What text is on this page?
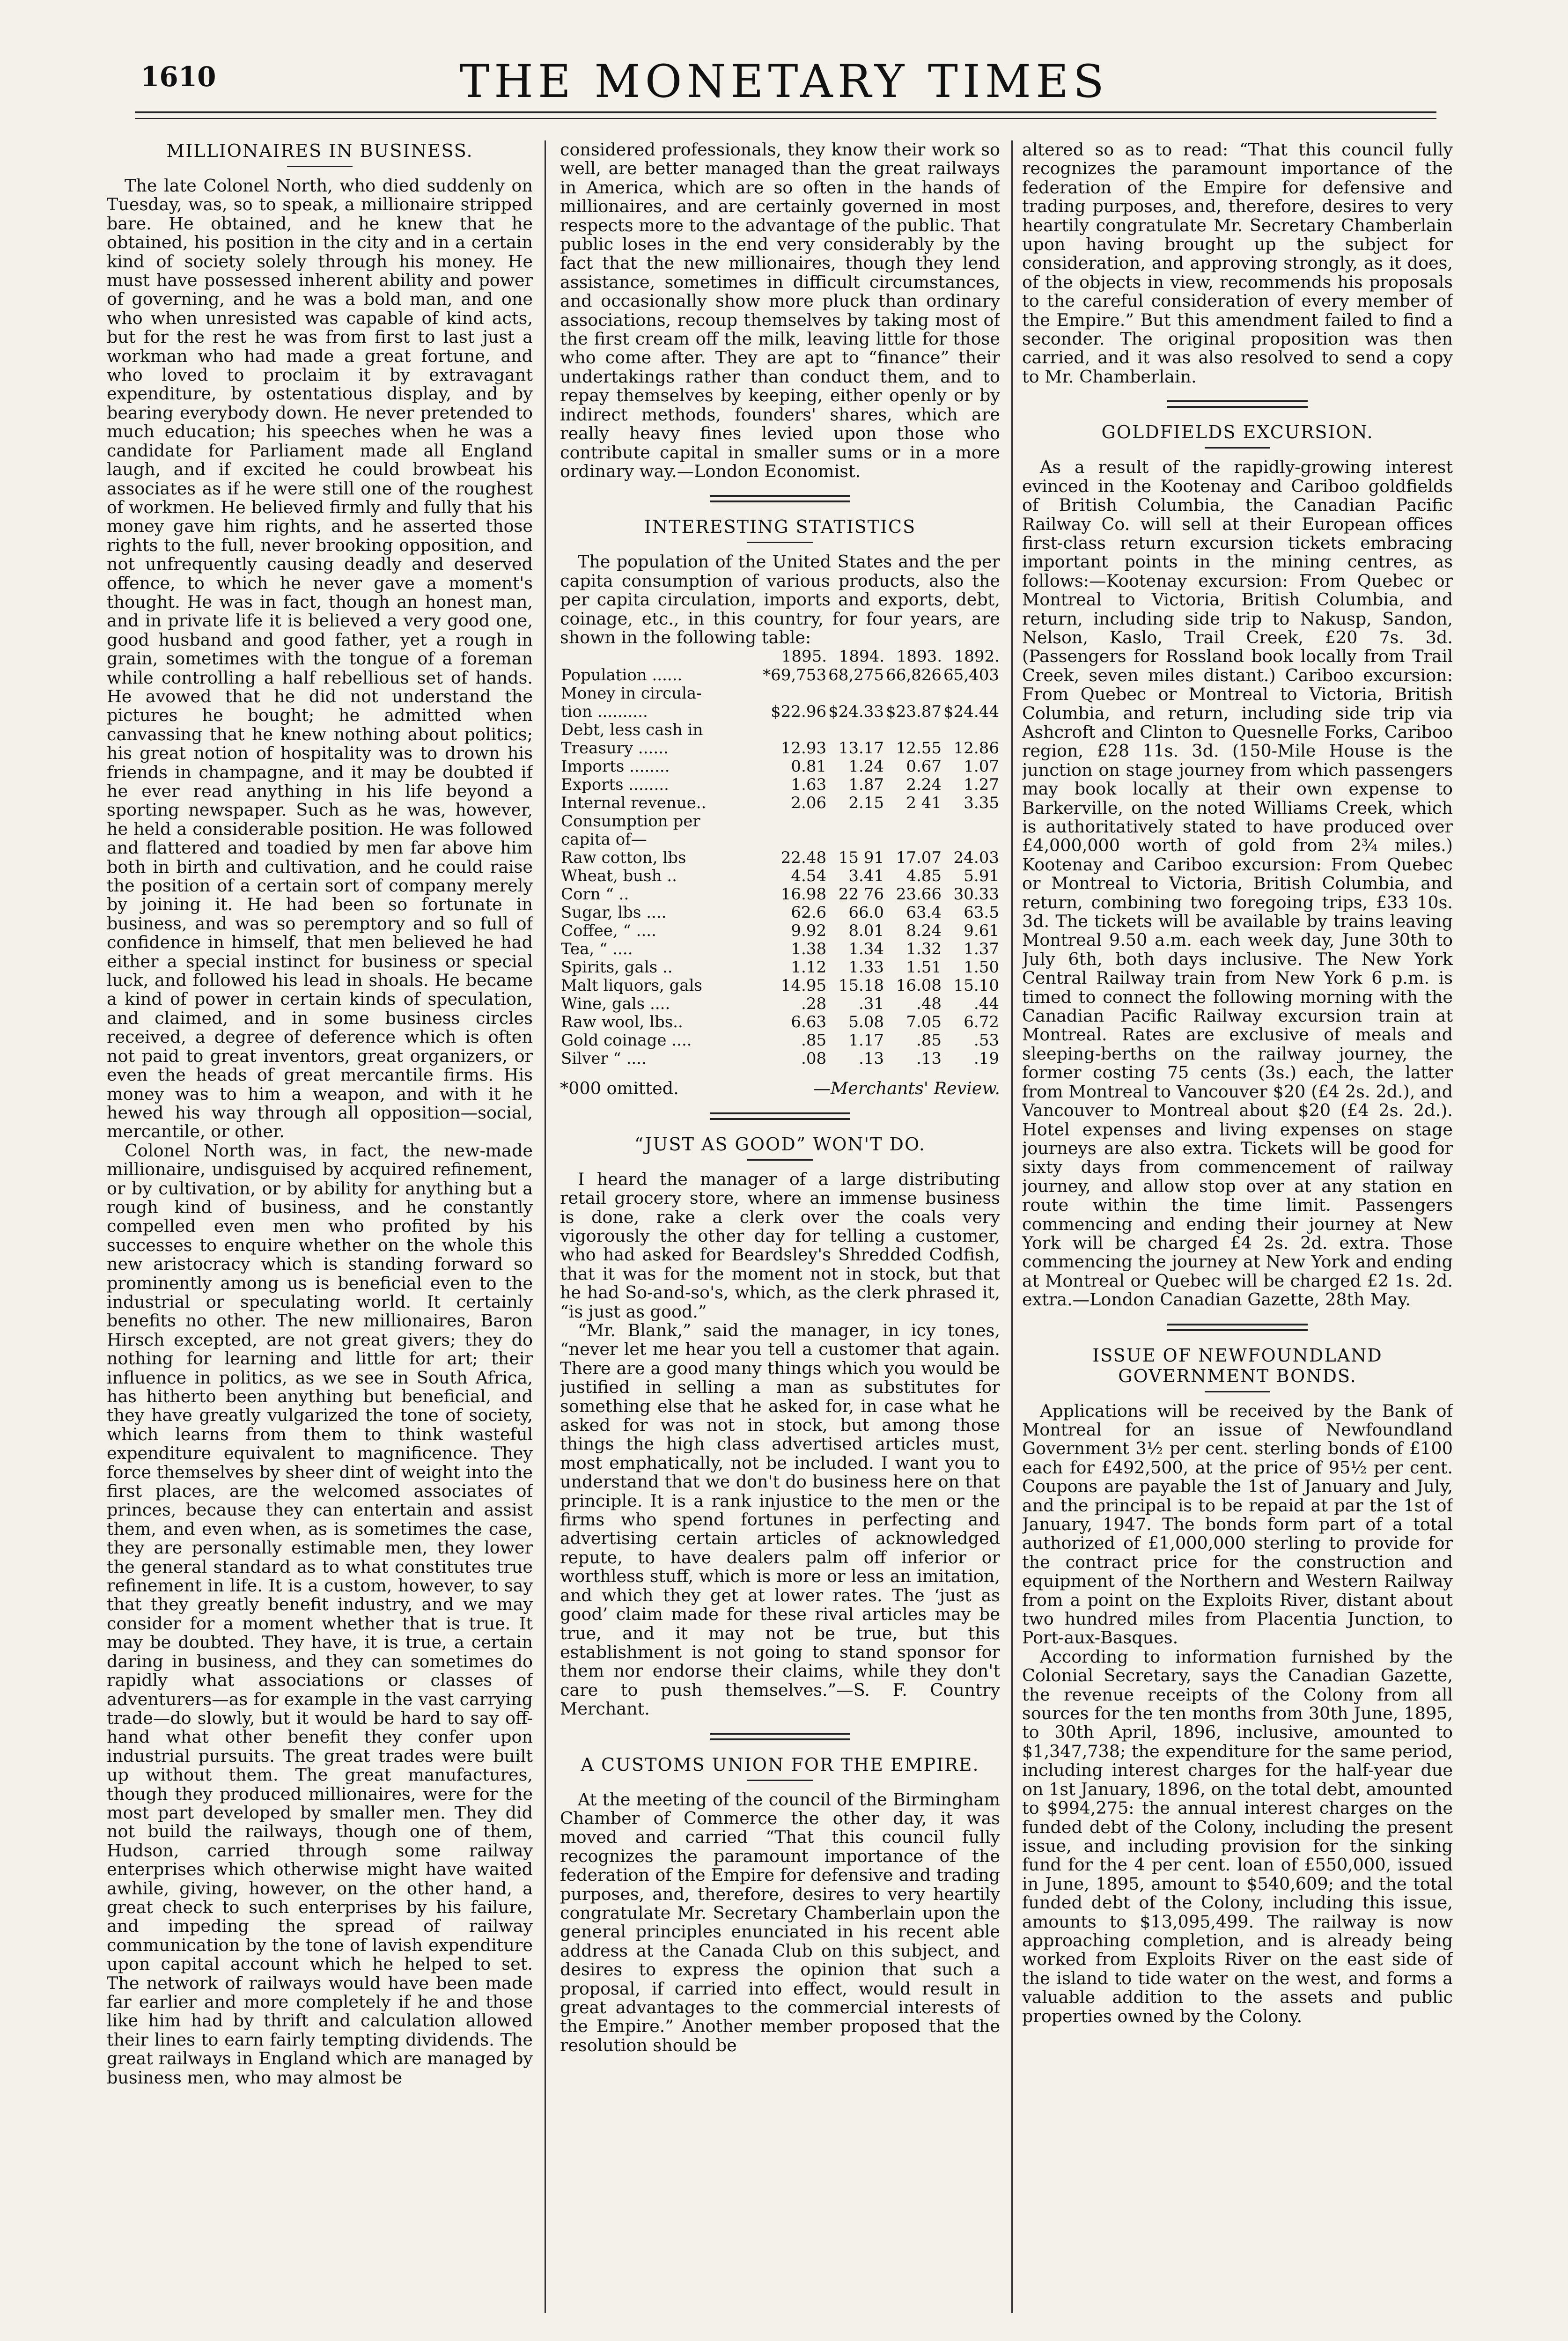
1610	THE MONETARY TIMES
MILLIONAIRES IN BUSINESS.

The late Colonel North, who died suddenly on Tuesday, was, so to speak, a millionaire stripped bare. He obtained, and he knew that he obtained, his position in the city and in a certain kind of society solely through his money. He must have possessed inherent ability and power of governing, and he was a bold man, and one who when unresisted was capable of kind acts, but for the rest he was from first to last just a workman who had made a great fortune, and who loved to proclaim it by extravagant expenditure, by ostentatious display, and by bearing everybody down. He never pretended to much education; his speeches when he was a candidate for Parliament made all England laugh, and if excited he could browbeat his associates as if he were still one of the roughest of workmen. He believed firmly and fully that his money gave him rights, and he asserted those rights to the full, never brooking opposition, and not unfrequently causing deadly and deserved offence, to which he never gave a moment's thought. He was in fact, though an honest man, and in private life it is believed a very good one, good husband and good father, yet a rough in grain, sometimes with the tongue of a foreman while controlling a half rebellious set of hands. He avowed that he did not understand the pictures he bought; he admitted when canvassing that he knew nothing about politics; his great notion of hospitality was to drown his friends in champagne, and it may be doubted if he ever read anything in his life beyond a sporting newspaper. Such as he was, however, he held a considerable position. He was followed and flattered and toadied by men far above him both in birth and cultivation, and he could raise the position of a certain sort of company merely by joining it. He had been so fortunate in business, and was so peremptory and so full of confidence in himself, that men believed he had either a special instinct for business or special luck, and followed his lead in shoals. He became a kind of power in certain kinds of speculation, and claimed, and in some business circles received, a degree of deference which is often not paid to great inventors, great organizers, or even the heads of great mercantile firms. His money was to him a weapon, and with it he hewed his way through all opposition—social, mercantile, or other.

Colonel North was, in fact, the new-made millionaire, undisguised by acquired refinement, or by cultivation, or by ability for anything but a rough kind of business, and he constantly compelled even men who profited by his successes to enquire whether on the whole this new aristocracy which is standing forward so prominently among us is beneficial even to the industrial or speculating world. It certainly benefits no other. The new millionaires, Baron Hirsch excepted, are not great givers; they do nothing for learning and little for art; their influence in politics, as we see in South Africa, has hitherto been anything but beneficial, and they have greatly vulgarized the tone of society, which learns from them to think wasteful expenditure equivalent to magnificence. They force themselves by sheer dint of weight into the first places, are the welcomed associates of princes, because they can entertain and assist them, and even when, as is sometimes the case, they are personally estimable men, they lower the general standard as to what constitutes true refinement in life. It is a custom, however, to say that they greatly benefit industry, and we may consider for a moment whether that is true. It may be doubted. They have, it is true, a certain daring in business, and they can sometimes do rapidly what associations or classes of adventurers—as for example in the vast carrying trade—do slowly, but it would be hard to say off-hand what other benefit they confer upon industrial pursuits. The great trades were built up without them. The great manufactures, though they produced millionaires, were for the most part developed by smaller men. They did not build the railways, though one of them, Hudson, carried through some railway enterprises which otherwise might have waited awhile, giving, however, on the other hand, a great check to such enterprises by his failure, and impeding the spread of railway communication by the tone of lavish expenditure upon capital account which he helped to set. The network of railways would have been made far earlier and more completely if he and those like him had by thrift and calculation allowed their lines to earn fairly tempting dividends. The great railways in England which are managed by business men, who may almost be

considered professionals, they know their work so well, are better managed than the great railways in America, which are so often in the hands of millionaires, and are certainly governed in most respects more to the advantage of the public. That public loses in the end very considerably by the fact that the new millionaires, though they lend assistance, sometimes in difficult circumstances, and occasionally show more pluck than ordinary associations, recoup themselves by taking most of the first cream off the milk, leaving little for those who come after. They are apt to “finance” their undertakings rather than conduct them, and to repay themselves by keeping, either openly or by indirect methods, founders' shares, which are really heavy fines levied upon those who contribute capital in smaller sums or in a more ordinary way.—London Economist.

INTERESTING STATISTICS

The population of the United States and the per capita consumption of various products, also the per capita circulation, imports and exports, debt, coinage, etc., in this country, for four years, are shown in the following table:

	1895.	1894.	1893.	1892.
Population ......	*69,753	68,275	66,826	65,403
Money in circula-				
tion ..........	$22.96	$24.33	$23.87	$24.44
Debt, less cash in				
Treasury ......	12.93	13.17	12.55	12.86
Imports ........	0.81	1.24	0.67	1.07
Exports ........	1.63	1.87	2.24	1.27
Internal revenue..	2.06	2.15	2 41	3.35
Consumption per				
capita of—				
Raw cotton, lbs	22.48	15 91	17.07	24.03
Wheat, bush ..	4.54	3.41	4.85	5.91
Corn “ ..	16.98	22 76	23.66	30.33
Sugar, lbs ....	62.6	66.0	63.4	63.5
Coffee, “ ....	9.92	8.01	8.24	9.61
Tea, “ ....	1.38	1.34	1.32	1.37
Spirits, gals ..	1.12	1.33	1.51	1.50
Malt liquors, gals	14.95	15.18	16.08	15.10
Wine, gals ....	.28	.31	.48	.44
Raw wool, lbs..	6.63	5.08	7.05	6.72
Gold coinage ....	.85	1.17	.85	.53
Silver “ ....	.08	.13	.13	.19
*000 omitted.	—Merchants' Review.
“JUST AS GOOD” WON'T DO.

I heard the manager of a large distributing retail grocery store, where an immense business is done, rake a clerk over the coals very vigorously the other day for telling a customer, who had asked for Beardsley's Shredded Codfish, that it was for the moment not in stock, but that he had So-and-so's, which, as the clerk phrased it, “is just as good.”

“Mr. Blank,” said the manager, in icy tones, “never let me hear you tell a customer that again. There are a good many things which you would be justified in selling a man as substitutes for something else that he asked for, in case what he asked for was not in stock, but among those things the high class advertised articles must, most emphatically, not be included. I want you to understand that we don't do business here on that principle. It is a rank injustice to the men or the firms who spend fortunes in perfecting and advertising certain articles of acknowledged repute, to have dealers palm off inferior or worthless stuff, which is more or less an imitation, and which they get at lower rates. The ‘just as good’ claim made for these rival articles may be true, and it may not be true, but this establishment is not going to stand sponsor for them nor endorse their claims, while they don't care to push themselves.”—S. F. Country Merchant.

A CUSTOMS UNION FOR THE EMPIRE.

At the meeting of the council of the Birmingham Chamber of Commerce the other day, it was moved and carried “That this council fully recognizes the paramount importance of the federation of the Empire for defensive and trading purposes, and, therefore, desires to very heartily congratulate Mr. Secretary Chamberlain upon the general principles enunciated in his recent able address at the Canada Club on this subject, and desires to express the opinion that such a proposal, if carried into effect, would result in great advantages to the commercial interests of the Empire.” Another member proposed that the resolution should be

altered so as to read: “That this council fully recognizes the paramount importance of the federation of the Empire for defensive and trading purposes, and, therefore, desires to very heartily congratulate Mr. Secretary Chamberlain upon having brought up the subject for consideration, and approving strongly, as it does, of the objects in view, recommends his proposals to the careful consideration of every member of the Empire.” But this amendment failed to find a seconder. The original proposition was then carried, and it was also resolved to send a copy to Mr. Chamberlain.

GOLDFIELDS EXCURSION.

As a result of the rapidly-growing interest evinced in the Kootenay and Cariboo goldfields of British Columbia, the Canadian Pacific Railway Co. will sell at their European offices first-class return excursion tickets embracing important points in the mining centres, as follows:—Kootenay excursion: From Quebec or Montreal to Victoria, British Columbia, and return, including side trip to Nakusp, Sandon, Nelson, Kaslo, Trail Creek, £20 7s. 3d. (Passengers for Rossland book locally from Trail Creek, seven miles distant.) Cariboo excursion: From Quebec or Montreal to Victoria, British Columbia, and return, including side trip via Ashcroft and Clinton to Quesnelle Forks, Cariboo region, £28 11s. 3d. (150-Mile House is the junction on stage journey from which passengers may book locally at their own expense to Barkerville, on the noted Williams Creek, which is authoritatively stated to have produced over £4,000,000 worth of gold from 2¾ miles.) Kootenay and Cariboo excursion: From Quebec or Montreal to Victoria, British Columbia, and return, combining two foregoing trips, £33 10s. 3d. The tickets will be available by trains leaving Montreal 9.50 a.m. each week day, June 30th to July 6th, both days inclusive. The New York Central Railway train from New York 6 p.m. is timed to connect the following morning with the Canadian Pacific Railway excursion train at Montreal. Rates are exclusive of meals and sleeping-berths on the railway journey, the former costing 75 cents (3s.) each, the latter from Montreal to Vancouver $20 (£4 2s. 2d.), and Vancouver to Montreal about $20 (£4 2s. 2d.). Hotel expenses and living expenses on stage journeys are also extra. Tickets will be good for sixty days from commencement of railway journey, and allow stop over at any station en route within the time limit. Passengers commencing and ending their journey at New York will be charged £4 2s. 2d. extra. Those commencing the journey at New York and ending at Montreal or Quebec will be charged £2 1s. 2d. extra.—London Canadian Gazette, 28th May.

ISSUE OF NEWFOUNDLAND GOVERNMENT BONDS.

Applications will be received by the Bank of Montreal for an issue of Newfoundland Government 3½ per cent. sterling bonds of £100 each for £492,500, at the price of 95½ per cent. Coupons are payable the 1st of January and July, and the principal is to be repaid at par the 1st of January, 1947. The bonds form part of a total authorized of £1,000,000 sterling to provide for the contract price for the construction and equipment of the Northern and Western Railway from a point on the Exploits River, distant about two hundred miles from Placentia Junction, to Port-aux-Basques.

According to information furnished by the Colonial Secretary, says the Canadian Gazette, the revenue receipts of the Colony from all sources for the ten months from 30th June, 1895, to 30th April, 1896, inclusive, amounted to $1,347,738; the expenditure for the same period, including interest charges for the half-year due on 1st January, 1896, on the total debt, amounted to $994,275: the annual interest charges on the funded debt of the Colony, including the present issue, and including provision for the sinking fund for the 4 per cent. loan of £550,000, issued in June, 1895, amount to $540,609; and the total funded debt of the Colony, including this issue, amounts to $13,095,499. The railway is now approaching completion, and is already being worked from Exploits River on the east side of the island to tide water on the west, and forms a valuable addition to the assets and public properties owned by the Colony.
